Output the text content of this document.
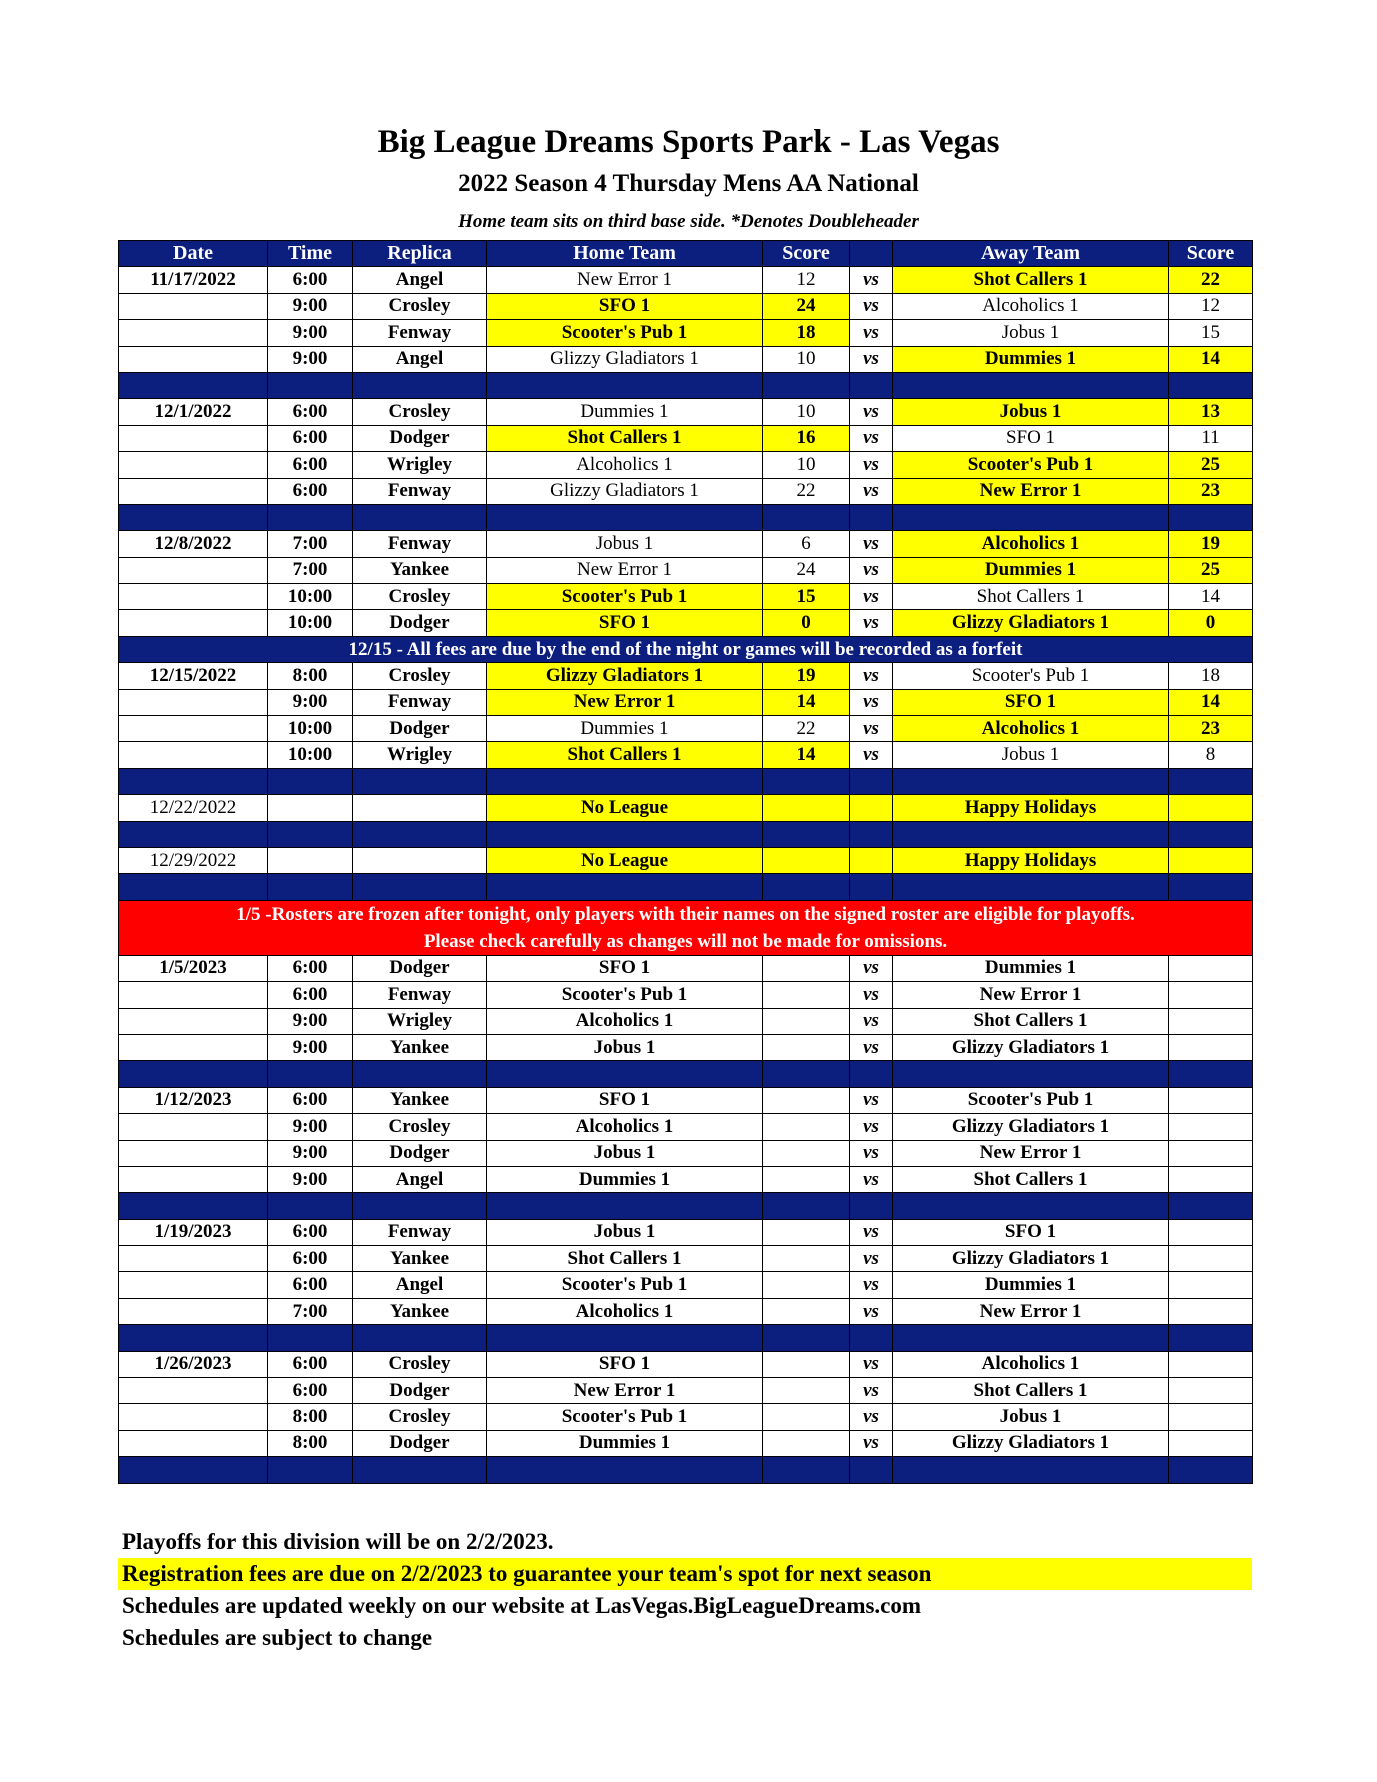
Big League Dreams Sports Park - Las Vegas
2022 Season 4 Thursday Mens AA National
Home team sits on third base side. *Denotes Doubleheader
Date	Time	Replica	Home Team	Score		Away Team	Score
11/17/2022	6:00	Angel	New Error 1	12	vs	Shot Callers 1	22
	9:00	Crosley	SFO 1	24	vs	Alcoholics 1	12
	9:00	Fenway	Scooter's Pub 1	18	vs	Jobus 1	15
	9:00	Angel	Glizzy Gladiators 1	10	vs	Dummies 1	14

12/1/2022	6:00	Crosley	Dummies 1	10	vs	Jobus 1	13
	6:00	Dodger	Shot Callers 1	16	vs	SFO 1	11
	6:00	Wrigley	Alcoholics 1	10	vs	Scooter's Pub 1	25
	6:00	Fenway	Glizzy Gladiators 1	22	vs	New Error 1	23

12/8/2022	7:00	Fenway	Jobus 1	6	vs	Alcoholics 1	19
	7:00	Yankee	New Error 1	24	vs	Dummies 1	25
	10:00	Crosley	Scooter's Pub 1	15	vs	Shot Callers 1	14
	10:00	Dodger	SFO 1	0	vs	Glizzy Gladiators 1	0
12/15 - All fees are due by the end of the night or games will be recorded as a forfeit							
12/15/2022	8:00	Crosley	Glizzy Gladiators 1	19	vs	Scooter's Pub 1	18
	9:00	Fenway	New Error 1	14	vs	SFO 1	14
	10:00	Dodger	Dummies 1	22	vs	Alcoholics 1	23
	10:00	Wrigley	Shot Callers 1	14	vs	Jobus 1	8

12/22/2022			No League			Happy Holidays	

12/29/2022			No League			Happy Holidays	

1/5 -Rosters are frozen after tonight, only players with their names on the signed roster are eligible for playoffs.
Please check carefully as changes will not be made for omissions.							

1/5/2023	6:00	Dodger	SFO 1		vs	Dummies 1	
	6:00	Fenway	Scooter's Pub 1		vs	New Error 1	
	9:00	Wrigley	Alcoholics 1		vs	Shot Callers 1	
	9:00	Yankee	Jobus 1		vs	Glizzy Gladiators 1	

1/12/2023	6:00	Yankee	SFO 1		vs	Scooter's Pub 1	
	9:00	Crosley	Alcoholics 1		vs	Glizzy Gladiators 1	
	9:00	Dodger	Jobus 1		vs	New Error 1	
	9:00	Angel	Dummies 1		vs	Shot Callers 1	

1/19/2023	6:00	Fenway	Jobus 1		vs	SFO 1	
	6:00	Yankee	Shot Callers 1		vs	Glizzy Gladiators 1	
	6:00	Angel	Scooter's Pub 1		vs	Dummies 1	
	7:00	Yankee	Alcoholics 1		vs	New Error 1	

1/26/2023	6:00	Crosley	SFO 1		vs	Alcoholics 1	
	6:00	Dodger	New Error 1		vs	Shot Callers 1	
	8:00	Crosley	Scooter's Pub 1		vs	Jobus 1	
	8:00	Dodger	Dummies 1		vs	Glizzy Gladiators 1	

Playoffs for this division will be on 2/2/2023.
Registration fees are due on 2/2/2023 to guarantee your team's spot for next season
Schedules are updated weekly on our website at LasVegas.BigLeagueDreams.com
Schedules are subject to change
